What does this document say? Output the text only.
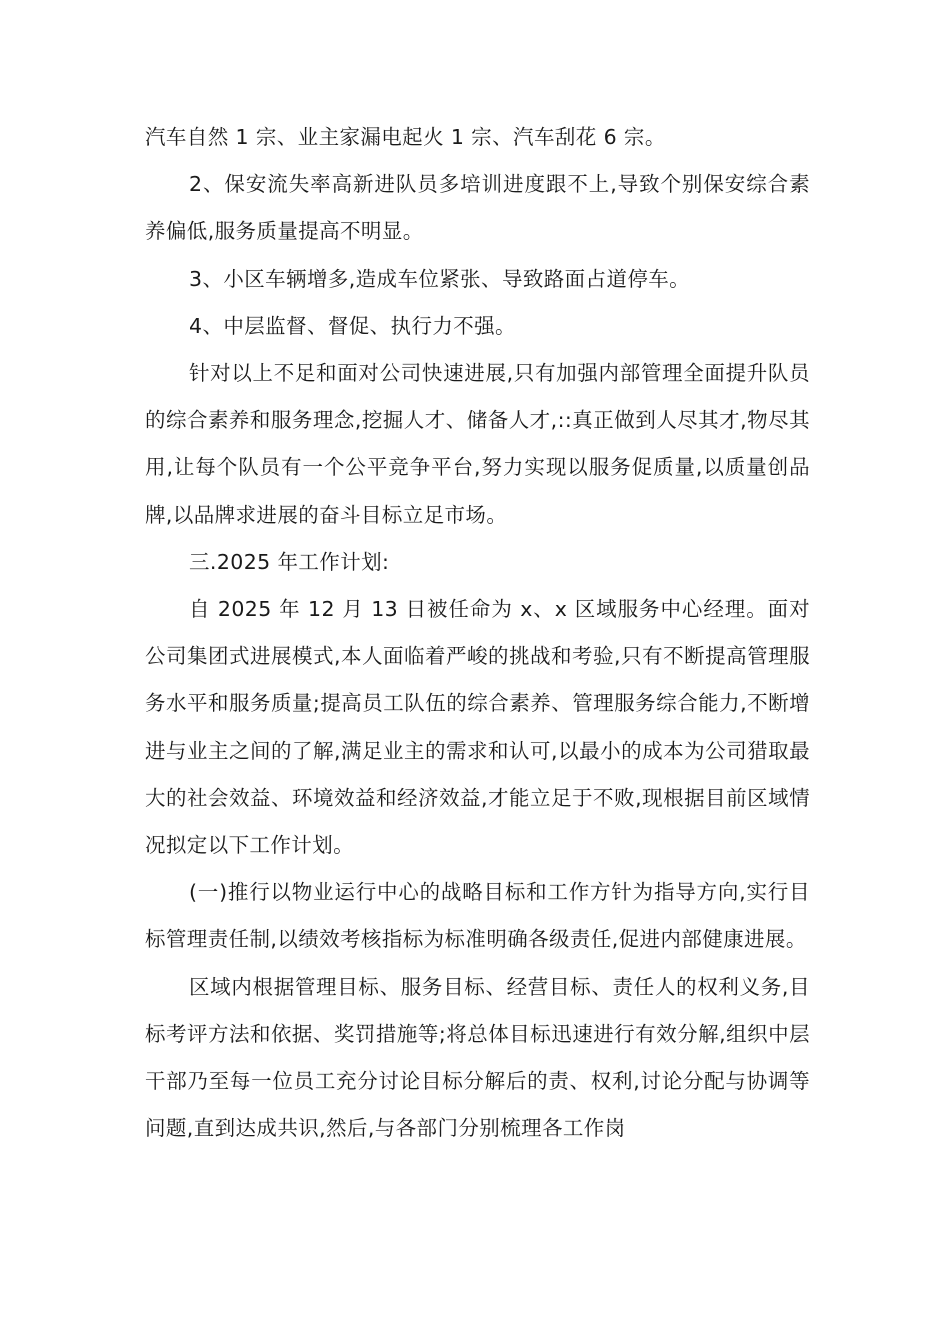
汽车自然 1 宗、业主家漏电起火 1 宗、汽车刮花 6 宗。

2、保安流失率高新进队员多培训进度跟不上,导致个别保安综合素养偏低,服务质量提高不明显。

3、小区车辆增多,造成车位紧张、导致路面占道停车。

4、中层监督、督促、执行力不强。

针对以上不足和面对公司快速进展,只有加强内部管理全面提升队员的综合素养和服务理念,挖掘人才、储备人才,::真正做到人尽其才,物尽其用,让每个队员有一个公平竞争平台,努力实现以服务促质量,以质量创品牌,以品牌求进展的奋斗目标立足市场。

三.2025 年工作计划:

自 2025 年 12 月 13 日被任命为 x、x 区域服务中心经理。面对公司集团式进展模式,本人面临着严峻的挑战和考验,只有不断提高管理服务水平和服务质量;提高员工队伍的综合素养、管理服务综合能力,不断增进与业主之间的了解,满足业主的需求和认可,以最小的成本为公司猎取最大的社会效益、环境效益和经济效益,才能立足于不败,现根据目前区域情况拟定以下工作计划。

(一)推行以物业运行中心的战略目标和工作方针为指导方向,实行目标管理责任制,以绩效考核指标为标准明确各级责任,促进内部健康进展。

区域内根据管理目标、服务目标、经营目标、责任人的权利义务,目标考评方法和依据、奖罚措施等;将总体目标迅速进行有效分解,组织中层干部乃至每一位员工充分讨论目标分解后的责、权利,讨论分配与协调等问题,直到达成共识,然后,与各部门分别梳理各工作岗
